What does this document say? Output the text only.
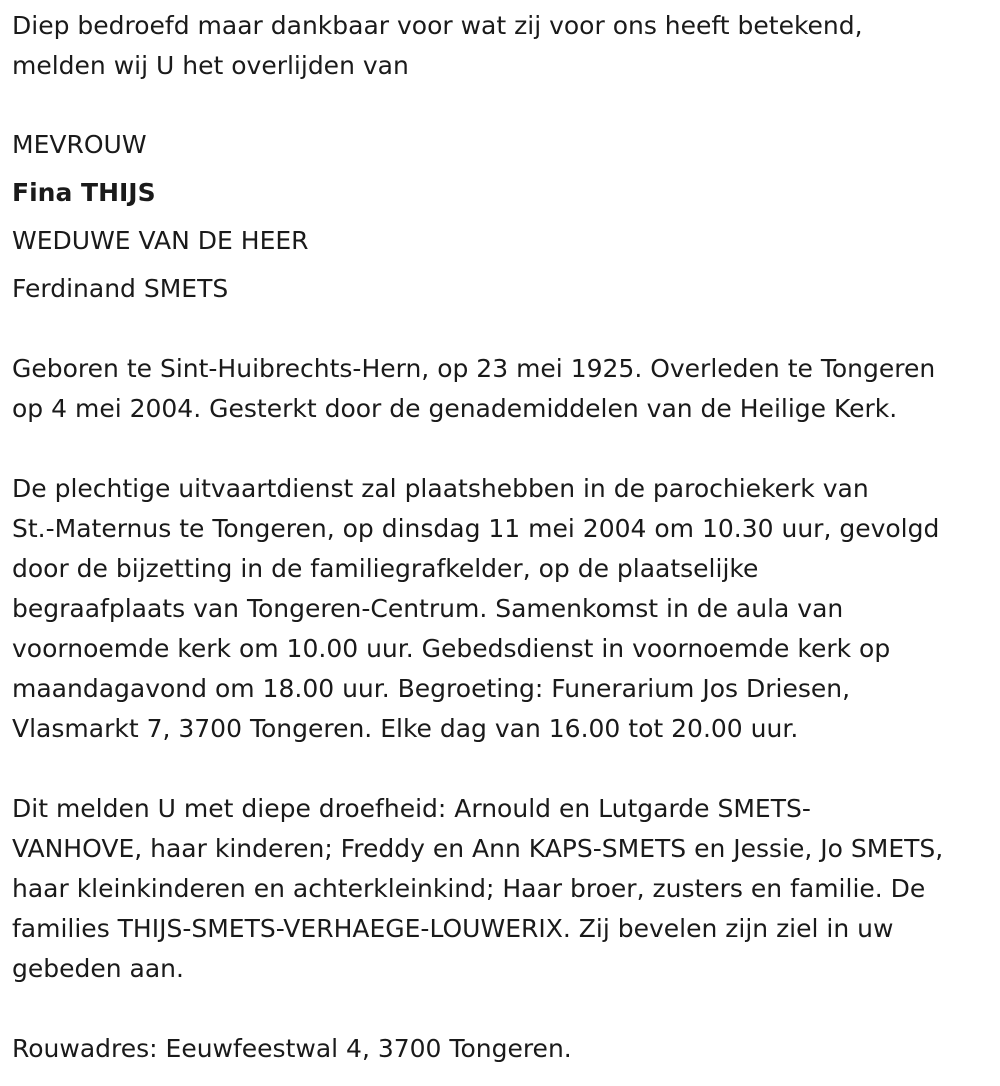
Diep bedroefd maar dankbaar voor wat zij voor ons heeft betekend,
melden wij U het overlijden van
MEVROUW
Fina THIJS
WEDUWE VAN DE HEER
Ferdinand SMETS
Geboren te Sint-Huibrechts-Hern, op 23 mei 1925. Overleden te Tongeren
op 4 mei 2004. Gesterkt door de genademiddelen van de Heilige Kerk.
De plechtige uitvaartdienst zal plaatshebben in de parochiekerk van
St.-Maternus te Tongeren, op dinsdag 11 mei 2004 om 10.30 uur, gevolgd
door de bijzetting in de familiegrafkelder, op de plaatselijke
begraafplaats van Tongeren-Centrum. Samenkomst in de aula van
voornoemde kerk om 10.00 uur. Gebedsdienst in voornoemde kerk op
maandagavond om 18.00 uur. Begroeting: Funerarium Jos Driesen,
Vlasmarkt 7, 3700 Tongeren. Elke dag van 16.00 tot 20.00 uur.
Dit melden U met diepe droefheid: Arnould en Lutgarde SMETS-
VANHOVE, haar kinderen; Freddy en Ann KAPS-SMETS en Jessie, Jo SMETS,
haar kleinkinderen en achterkleinkind; Haar broer, zusters en familie. De
families THIJS-SMETS-VERHAEGE-LOUWERIX. Zij bevelen zijn ziel in uw
gebeden aan.
Rouwadres: Eeuwfeestwal 4, 3700 Tongeren.
